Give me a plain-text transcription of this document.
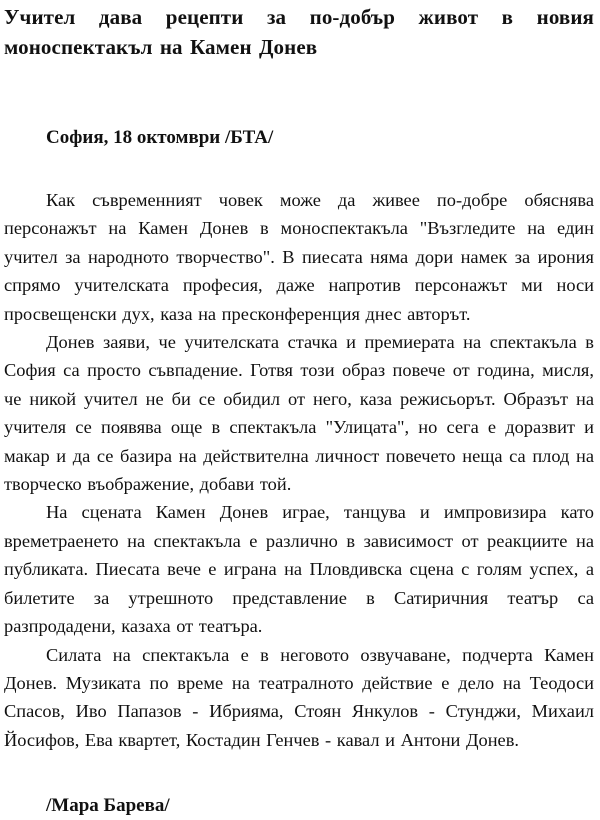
Учител дава рецепти за по-добър живот в новия моноспектакъл на Камен Донев
София, 18 октомври /БТА/

Как съвременният човек може да живее по-добре обяснява персонажът на Камен Донев в моноспектакъла "Възгледите на един учител за народното творчество". В пиесата няма дори намек за ирония спрямо учителската професия, даже напротив персонажът ми носи просвещенски дух, каза на пресконференция днес авторът.

Донев заяви, че учителската стачка и премиерата на спектакъла в София са просто съвпадение. Готвя този образ повече от година, мисля, че никой учител не би се обидил от него, каза режисьорът. Образът на учителя се появява още в спектакъла "Улицата", но сега е доразвит и макар и да се базира на действителна личност повечето неща са плод на творческо въображение, добави той.

На сцената Камен Донев играе, танцува и импровизира като времетраенето на спектакъла е различно в зависимост от реакциите на публиката. Пиесата вече е играна на Пловдивска сцена с голям успех, а билетите за утрешното представление в Сатиричния театър са разпродадени, казаха от театъра.

Силата на спектакъла е в неговото озвучаване, подчерта Камен Донев. Музиката по време на театралното действие е дело на Теодоси Спасов, Иво Папазов - Ибрияма, Стоян Янкулов - Стунджи, Михаил Йосифов, Ева квартет, Костадин Генчев - кавал и Антони Донев.

/Мара Барева/
